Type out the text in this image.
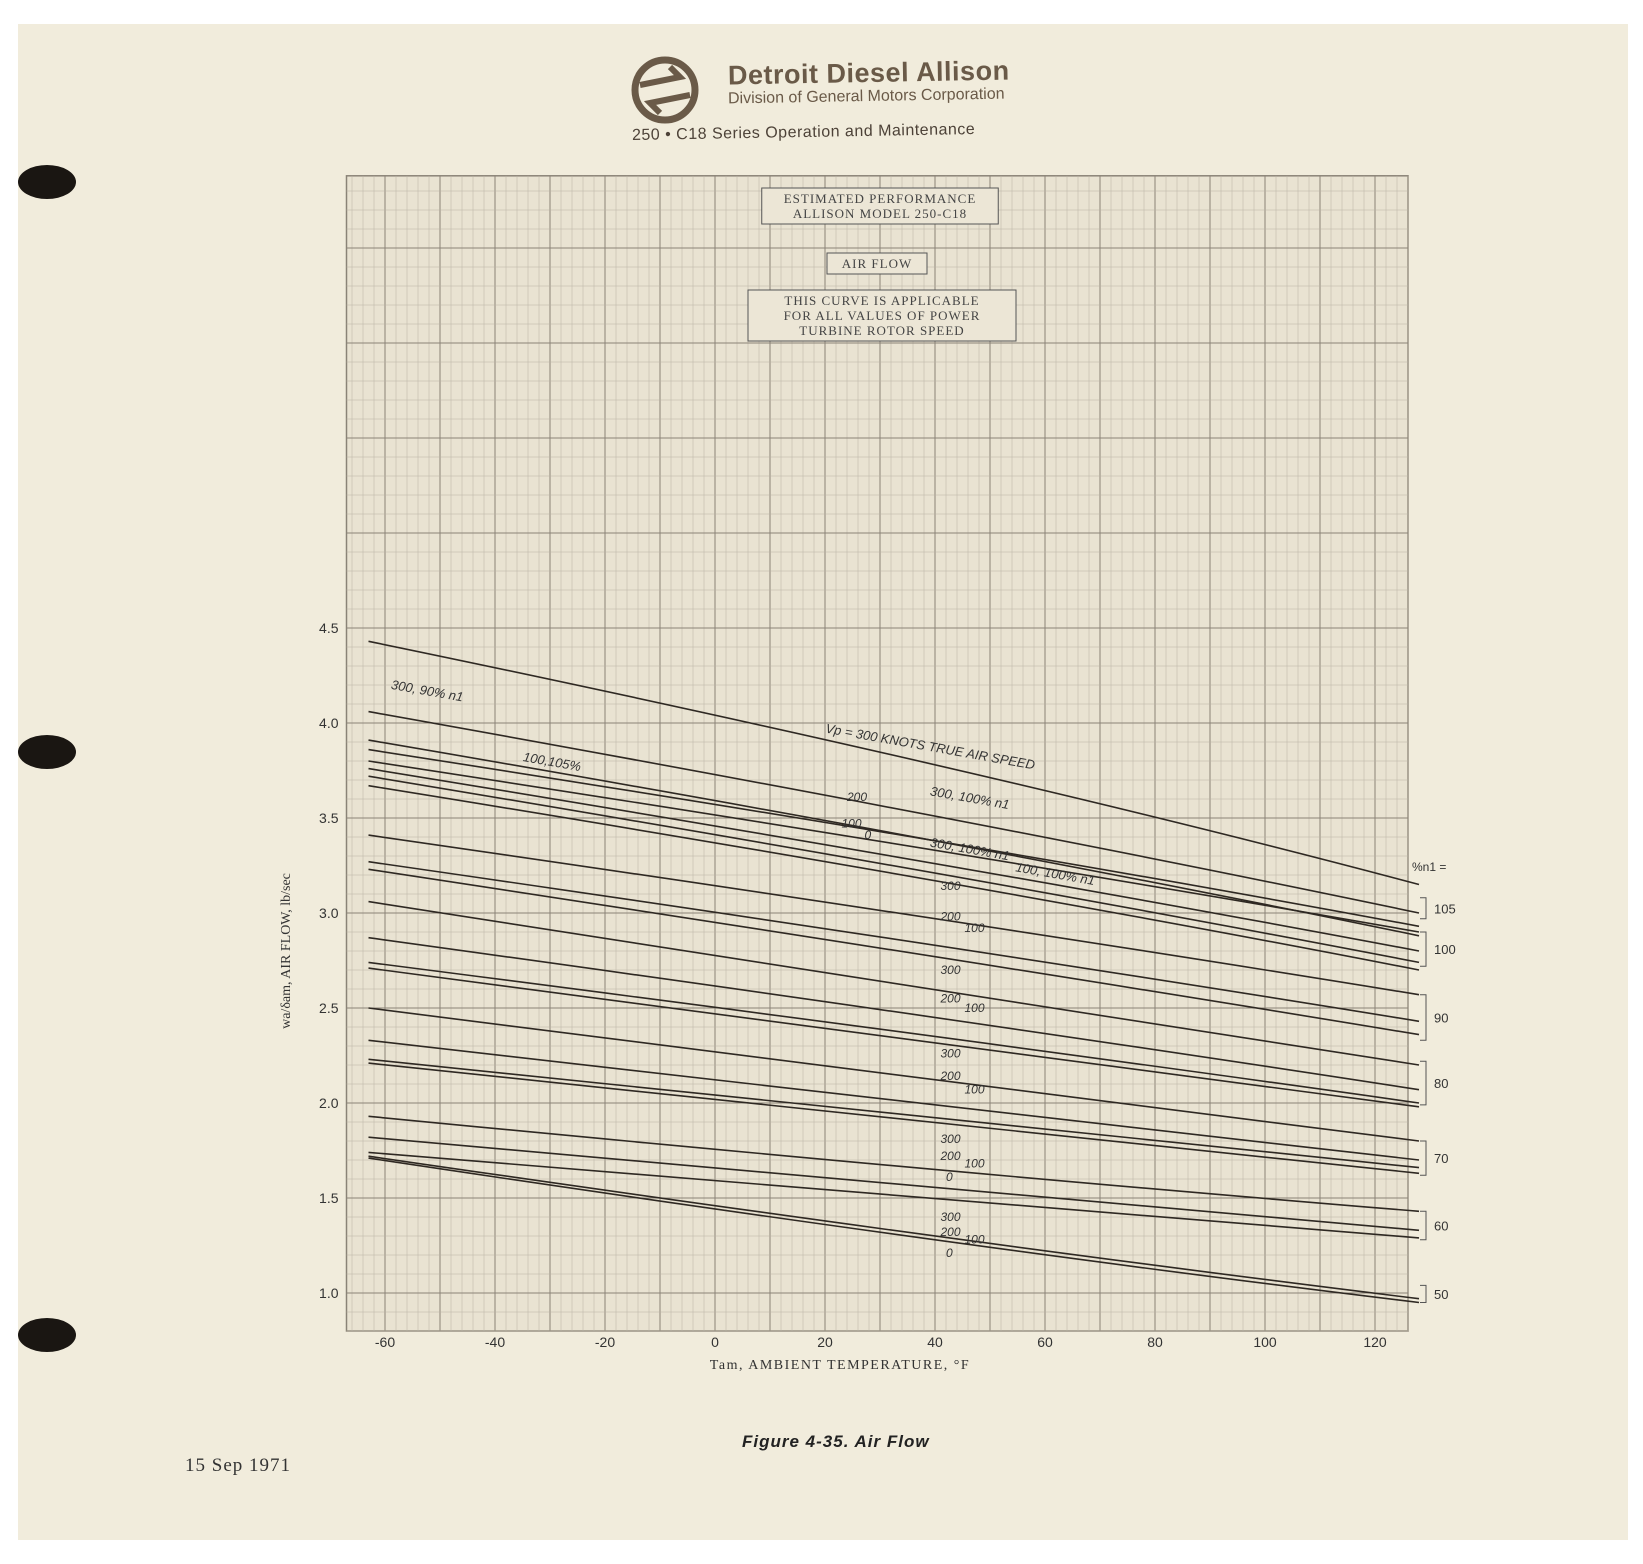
Detroit Diesel Allison
Division of General Motors Corporation
250 • C18 Series Operation and Maintenance
ESTIMATED PERFORMANCE
ALLISON MODEL 250-C18
AIR FLOW
THIS CURVE IS APPLICABLE
FOR ALL VALUES OF POWER
TURBINE ROTOR SPEED
-60	-40	-20	0	20	40	60	80	100	120
1.0
1.5
2.0
2.5
3.0
3.5
4.0
4.5
Tam, AMBIENT TEMPERATURE, °F
wa/δam, AIR FLOW, lb/sec
%n1 =
105
100
90
80
70
60
50
Vp = 300 KNOTS TRUE AIR SPEED
300, 100% n1
300, 100% n1
100, 100% n1
300, 90% n1
100,105%
200
100
0
300
200
100
300
200
100
300
200
100
300
200
100
0
300
200
100
0
Figure 4-35. Air Flow
15 Sep 1971
